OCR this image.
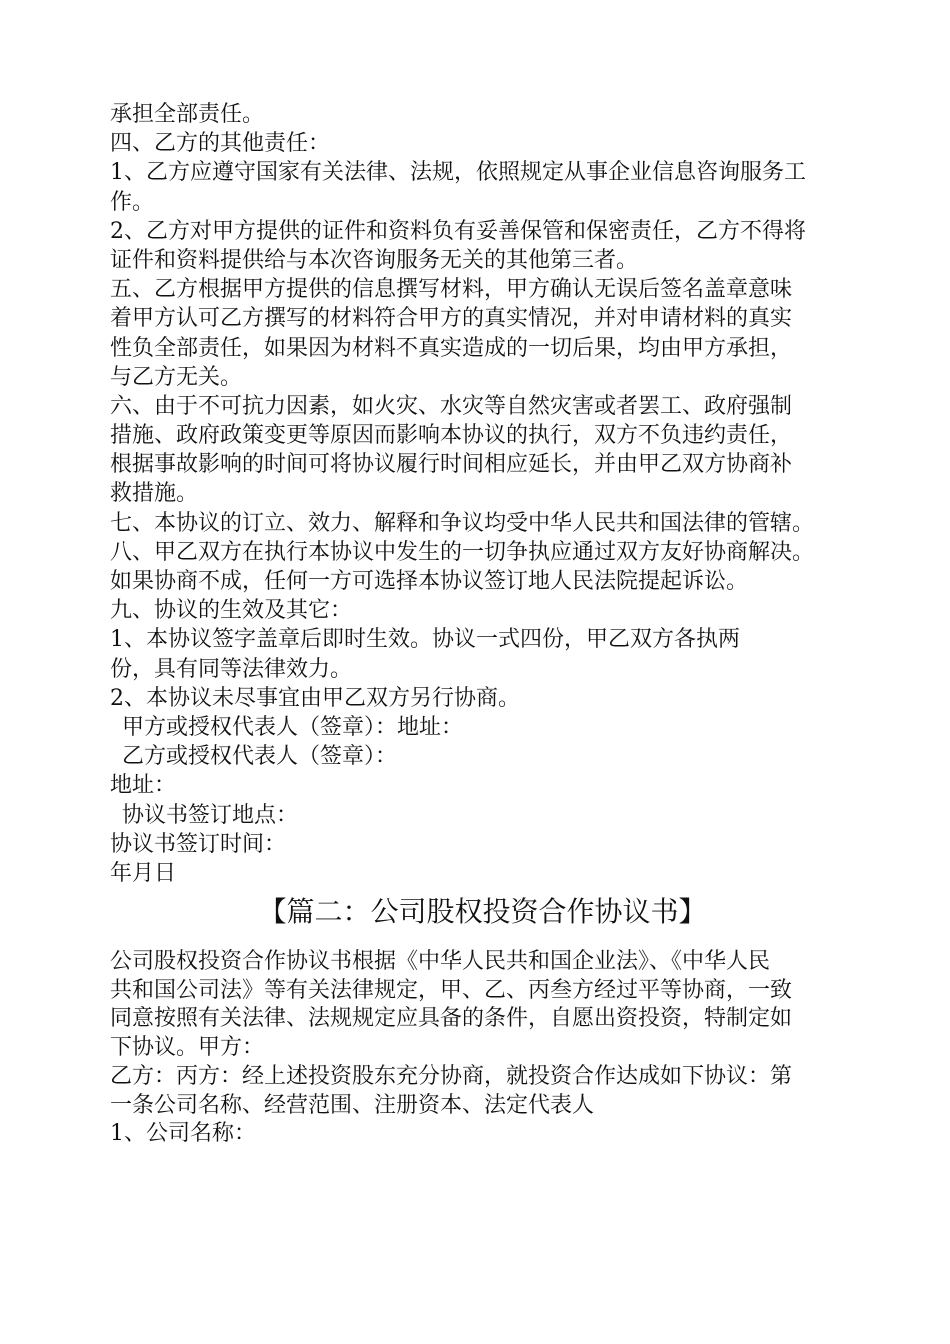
承担全部责任。
四、乙方的其他责任：
1、乙方应遵守国家有关法律、法规，依照规定从事企业信息咨询服务工
作。
2、乙方对甲方提供的证件和资料负有妥善保管和保密责任，乙方不得将
证件和资料提供给与本次咨询服务无关的其他第三者。
五、乙方根据甲方提供的信息撰写材料，甲方确认无误后签名盖章意味
着甲方认可乙方撰写的材料符合甲方的真实情况，并对申请材料的真实
性负全部责任，如果因为材料不真实造成的一切后果，均由甲方承担，
与乙方无关。
六、由于不可抗力因素，如火灾、水灾等自然灾害或者罢工、政府强制
措施、政府政策变更等原因而影响本协议的执行，双方不负违约责任，
根据事故影响的时间可将协议履行时间相应延长，并由甲乙双方协商补
救措施。
七、本协议的订立、效力、解释和争议均受中华人民共和国法律的管辖。
八、甲乙双方在执行本协议中发生的一切争执应通过双方友好协商解决。
如果协商不成，任何一方可选择本协议签订地人民法院提起诉讼。
九、协议的生效及其它：
1、本协议签字盖章后即时生效。协议一式四份，甲乙双方各执两
份，具有同等法律效力。
2、本协议未尽事宜由甲乙双方另行协商。
甲方或授权代表人（签章）：地址：
乙方或授权代表人（签章）：
地址：
协议书签订地点：
协议书签订时间：
年月日
【篇二：公司股权投资合作协议书】
公司股权投资合作协议书根据《中华人民共和国企业法》、《中华人民
共和国公司法》等有关法律规定，甲、乙、丙叁方经过平等协商，一致
同意按照有关法律、法规规定应具备的条件，自愿出资投资，特制定如
下协议。甲方：
乙方：丙方：经上述投资股东充分协商，就投资合作达成如下协议：第
一条公司名称、经营范围、注册资本、法定代表人
1、公司名称：
